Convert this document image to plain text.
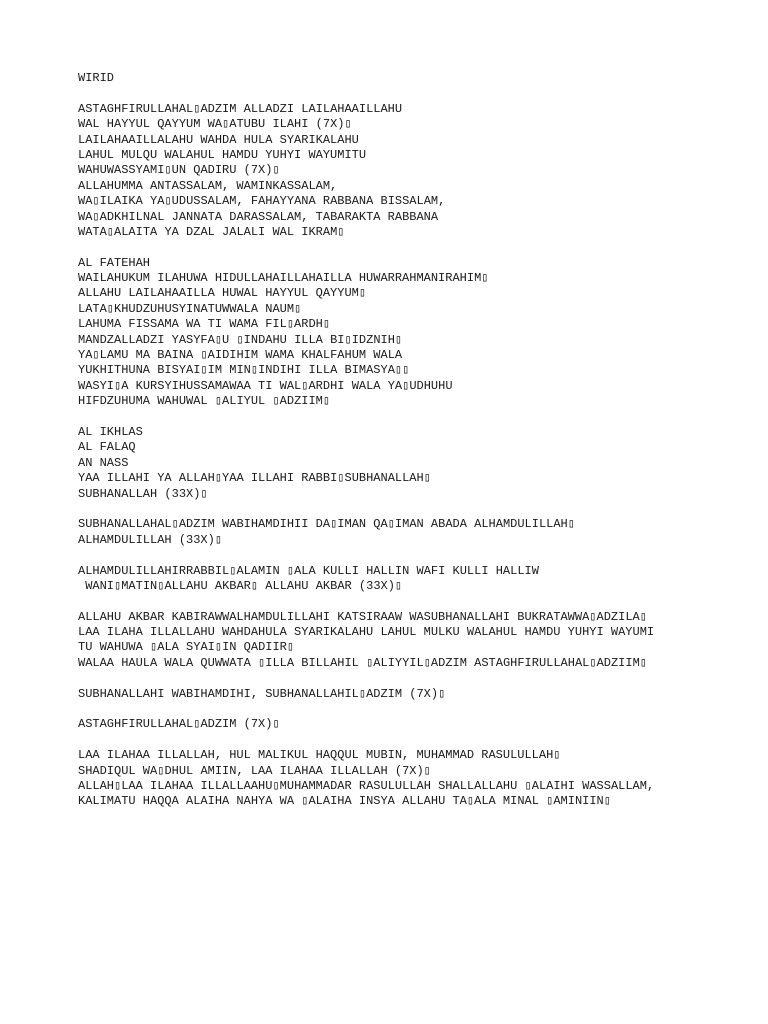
WIRID
ASTAGHFIRULLAHAL▯ADZIM ALLADZI LAILAHAAILLAHU
WAL HAYYUL QAYYUM WA▯ATUBU ILAHI (7X)▯
LAILAHAAILLALAHU WAHDA HULA SYARIKALAHU
LAHUL MULQU WALAHUL HAMDU YUHYI WAYUMITU
WAHUWASSYAMI▯UN QADIRU (7X)▯
ALLAHUMMA ANTASSALAM, WAMINKASSALAM,
WA▯ILAIKA YA▯UDUSSALAM, FAHAYYANA RABBANA BISSALAM,
WA▯ADKHILNAL JANNATA DARASSALAM, TABARAKTA RABBANA
WATA▯ALAITA YA DZAL JALALI WAL IKRAM▯
AL FATEHAH
WAILAHUKUM ILAHUWA HIDULLAHAILLAHAILLA HUWARRAHMANIRAHIM▯
ALLAHU LAILAHAAILLA HUWAL HAYYUL QAYYUM▯
LATA▯KHUDZUHUSYINATUWWALA NAUM▯
LAHUMA FISSAMA WA TI WAMA FIL▯ARDH▯
MANDZALLADZI YASYFA▯U ▯INDAHU ILLA BI▯IDZNIH▯
YA▯LAMU MA BAINA ▯AIDIHIM WAMA KHALFAHUM WALA
YUKHITHUNA BISYAI▯IM MIN▯INDIHI ILLA BIMASYA▯▯
WASYI▯A KURSYIHUSSAMAWAA TI WAL▯ARDHI WALA YA▯UDHUHU
HIFDZUHUMA WAHUWAL ▯ALIYUL ▯ADZIIM▯
AL IKHLAS
AL FALAQ
AN NASS
YAA ILLAHI YA ALLAH▯YAA ILLAHI RABBI▯SUBHANALLAH▯
SUBHANALLAH (33X)▯
SUBHANALLAHAL▯ADZIM WABIHAMDIHII DA▯IMAN QA▯IMAN ABADA ALHAMDULILLAH▯
ALHAMDULILLAH (33X)▯
ALHAMDULILLAHIRRABBIL▯ALAMIN ▯ALA KULLI HALLIN WAFI KULLI HALLIW
WANI▯MATIN▯ALLAHU AKBAR▯ ALLAHU AKBAR (33X)▯
ALLAHU AKBAR KABIRAWWALHAMDULILLAHI KATSIRAAW WASUBHANALLAHI BUKRATAWWA▯ADZILA▯
LAA ILAHA ILLALLAHU WAHDAHULA SYARIKALAHU LAHUL MULKU WALAHUL HAMDU YUHYI WAYUMI
TU WAHUWA ▯ALA SYAI▯IN QADIIR▯
WALAA HAULA WALA QUWWATA ▯ILLA BILLAHIL ▯ALIYYIL▯ADZIM ASTAGHFIRULLAHAL▯ADZIIM▯
SUBHANALLAHI WABIHAMDIHI, SUBHANALLAHIL▯ADZIM (7X)▯
ASTAGHFIRULLAHAL▯ADZIM (7X)▯
LAA ILAHAA ILLALLAH, HUL MALIKUL HAQQUL MUBIN, MUHAMMAD RASULULLAH▯
SHADIQUL WA▯DHUL AMIIN, LAA ILAHAA ILLALLAH (7X)▯
ALLAH▯LAA ILAHAA ILLALLAAHU▯MUHAMMADAR RASULULLAH SHALLALLAHU ▯ALAIHI WASSALLAM,
KALIMATU HAQQA ALAIHA NAHYA WA ▯ALAIHA INSYA ALLAHU TA▯ALA MINAL ▯AMINIIN▯
